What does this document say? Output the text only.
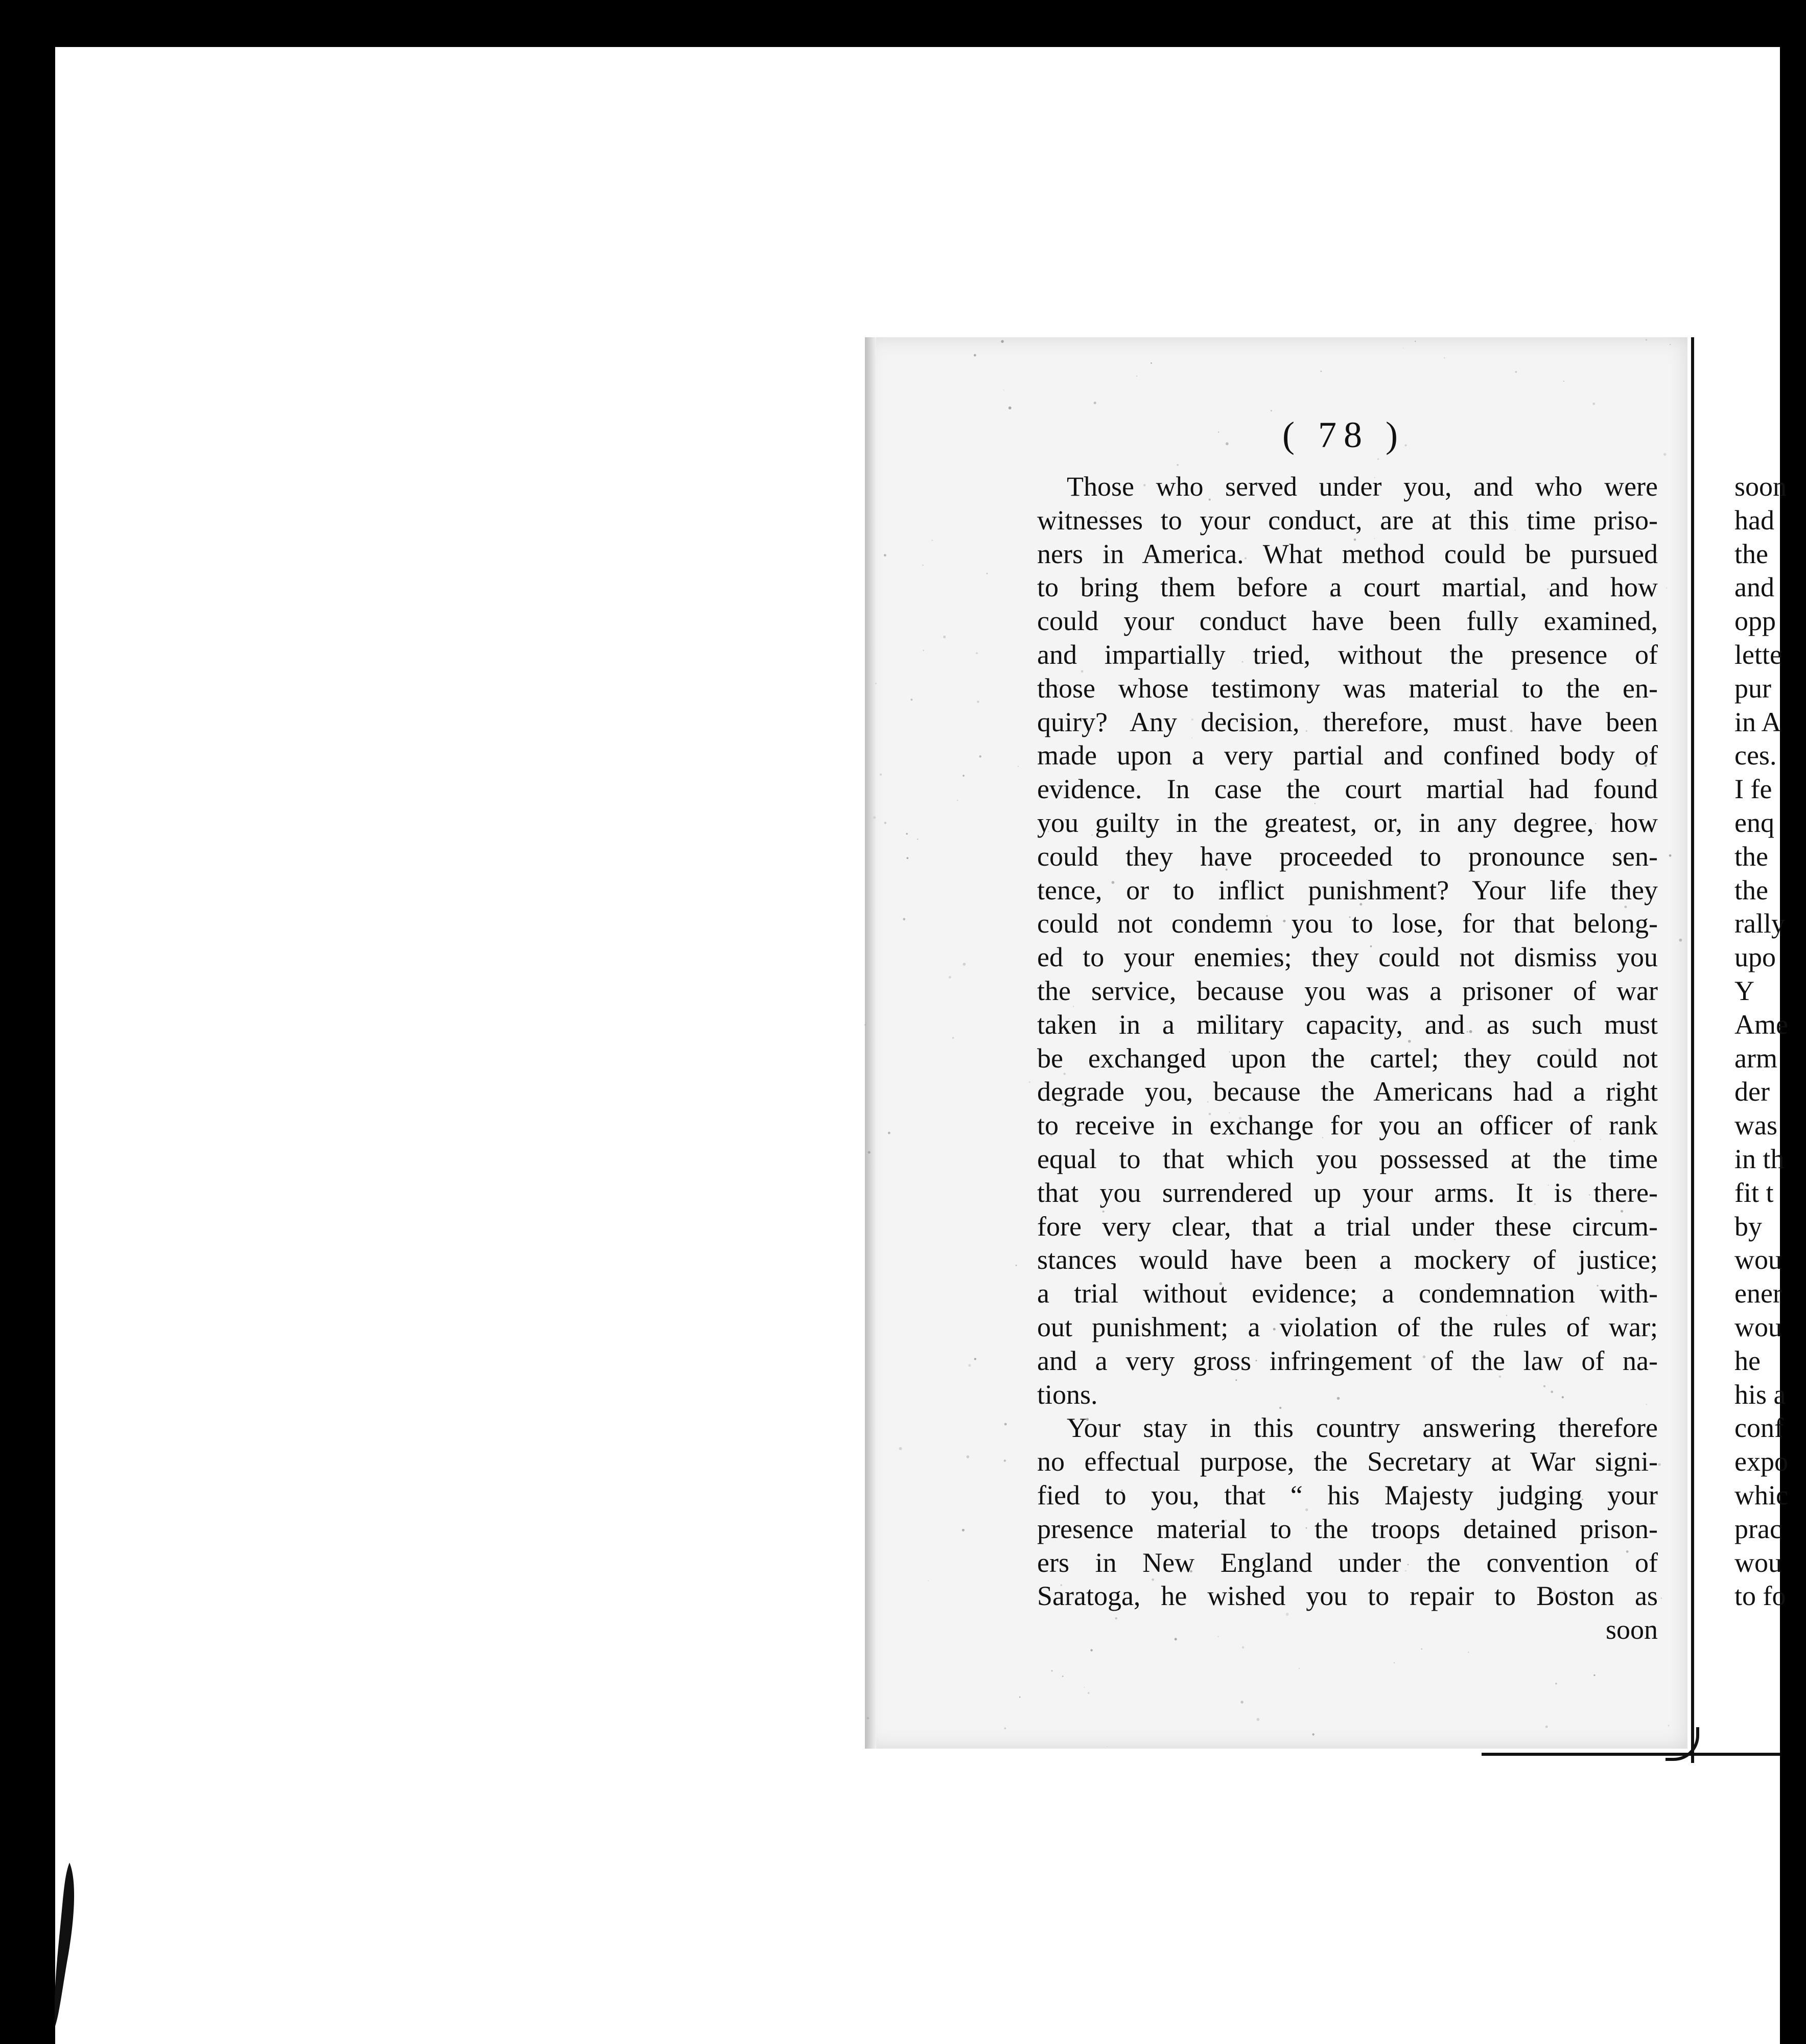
( 78 )
Those who served under you, and who were
witnesses to your conduct, are at this time priso-
ners in America. What method could be pursued
to bring them before a court martial, and how
could your conduct have been fully examined,
and impartially tried, without the presence of
those whose testimony was material to the en-
quiry? Any decision, therefore, must have been
made upon a very partial and confined body of
evidence. In case the court martial had found
you guilty in the greatest, or, in any degree, how
could they have proceeded to pronounce sen-
tence, or to inflict punishment? Your life they
could not condemn you to lose, for that belong-
ed to your enemies; they could not dismiss you
the service, because you was a prisoner of war
taken in a military capacity, and as such must
be exchanged upon the cartel; they could not
degrade you, because the Americans had a right
to receive in exchange for you an officer of rank
equal to that which you possessed at the time
that you surrendered up your arms. It is there-
fore very clear, that a trial under these circum-
stances would have been a mockery of justice;
a trial without evidence; a condemnation with-
out punishment; a violation of the rules of war;
and a very gross infringement of the law of na-
tions.
Your stay in this country answering therefore
no effectual purpose, the Secretary at War signi-
fied to you, that “ his Majesty judging your
presence material to the troops detained prison-
ers in New England under the convention of
Saratoga, he wished you to repair to Boston as
soon
soon
had
the
and
opp
lette
pur
in A
ces.
I fe
enq
the
the
rally
upo
Y
Ame
arm
der
was
in th
fit t
by
wou
ener
wou
he
his a
conf
expo
whic
prac
wou
to fo
